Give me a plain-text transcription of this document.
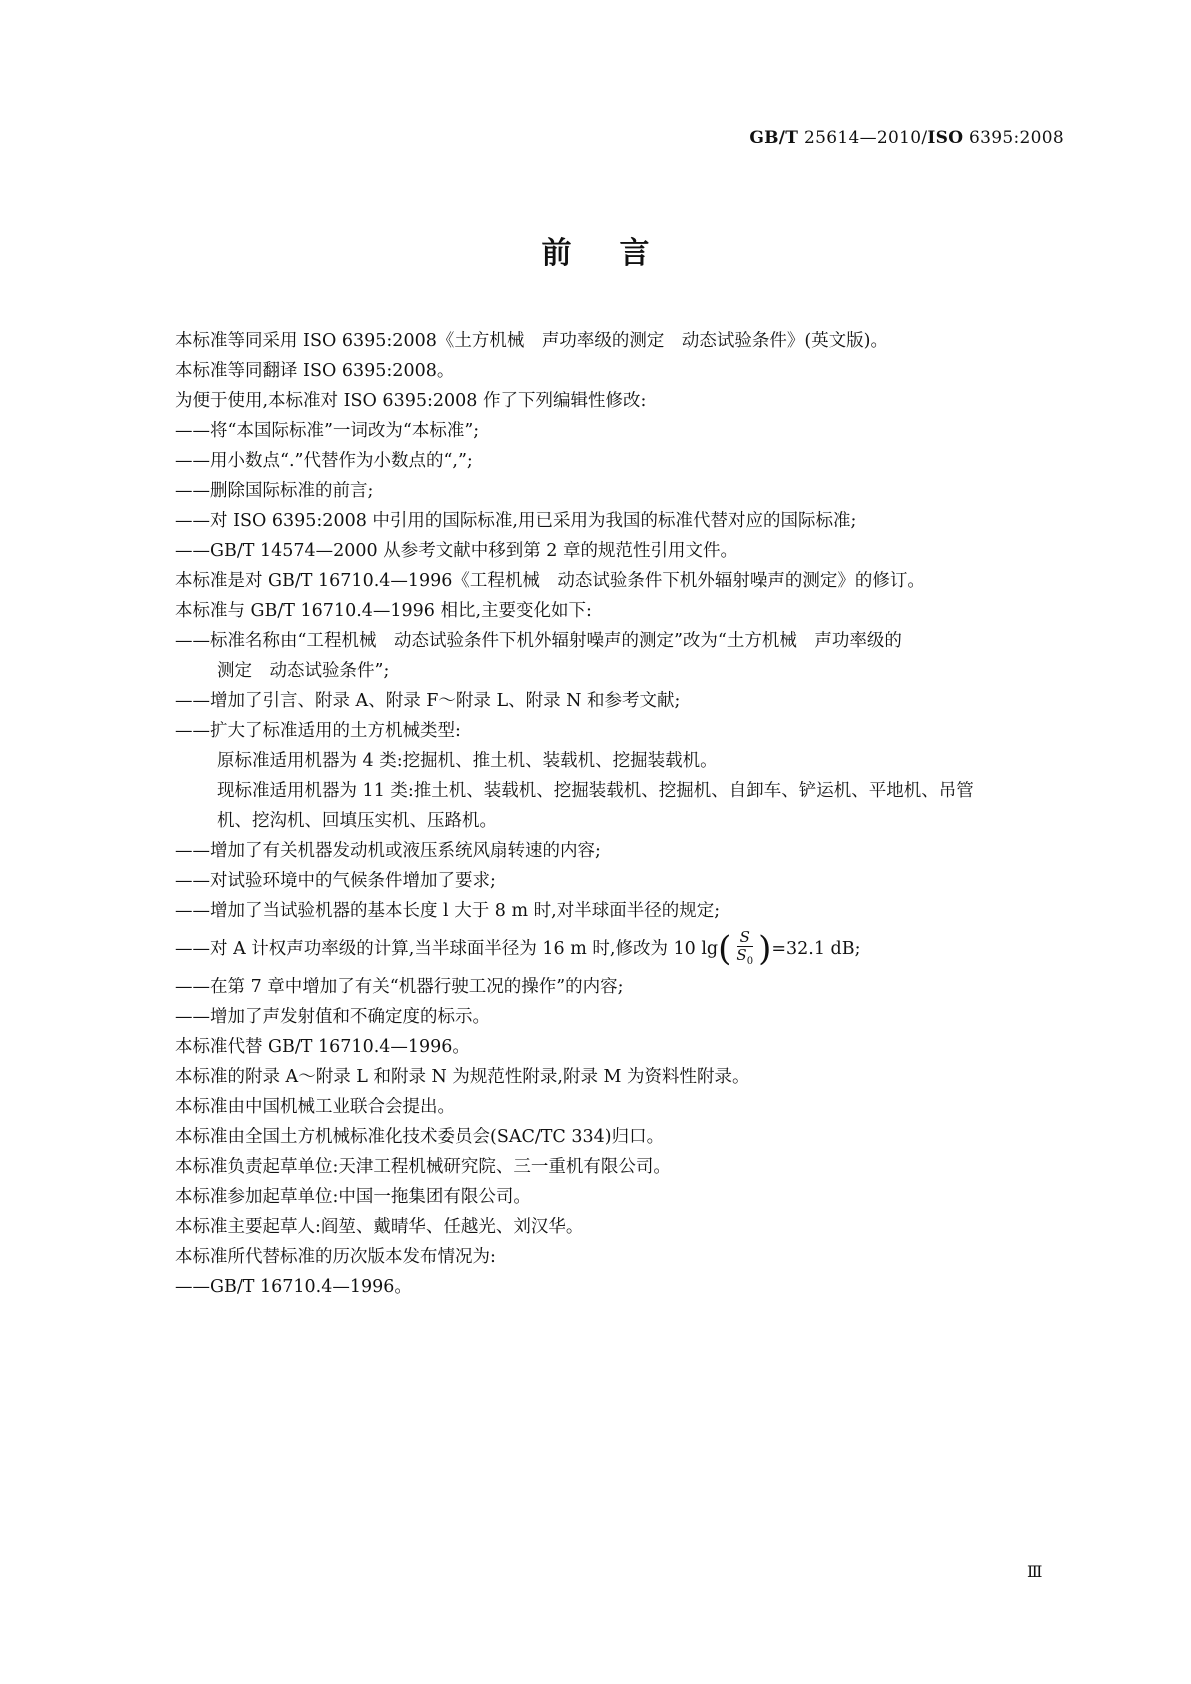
GB/T 25614—2010/ISO 6395:2008
前言
本标准等同采用 ISO 6395:2008《土方机械　声功率级的测定　动态试验条件》(英文版)。
本标准等同翻译 ISO 6395:2008。
为便于使用,本标准对 ISO 6395:2008 作了下列编辑性修改:
—— 将“本国际标准”一词改为“本标准”;
—— 用小数点“.”代替作为小数点的“,”;
—— 删除国际标准的前言;
—— 对 ISO 6395:2008 中引用的国际标准,用已采用为我国的标准代替对应的国际标准;
—— GB/T 14574—2000 从参考文献中移到第 2 章的规范性引用文件。
本标准是对 GB/T 16710.4—1996《工程机械　动态试验条件下机外辐射噪声的测定》的修订。
本标准与 GB/T 16710.4—1996 相比,主要变化如下:
—— 标准名称由“工程机械　动态试验条件下机外辐射噪声的测定”改为“土方机械　声功率级的
测定　动态试验条件”;
—— 增加了引言、附录 A、附录 F～附录 L、附录 N 和参考文献;
—— 扩大了标准适用的土方机械类型:
原标准适用机器为 4 类:挖掘机、推土机、装载机、挖掘装载机。
现标准适用机器为 11 类:推土机、装载机、挖掘装载机、挖掘机、自卸车、铲运机、平地机、吊管
机、挖沟机、回填压实机、压路机。
—— 增加了有关机器发动机或液压系统风扇转速的内容;
—— 对试验环境中的气候条件增加了要求;
—— 增加了当试验机器的基本长度 l 大于 8 m 时,对半球面半径的规定;
—— 对 A 计权声功率级的计算,当半球面半径为 16 m 时,修改为 10 lg ( $\frac{S}{S_0}$ ) =32.1 dB;
—— 在第 7 章中增加了有关“机器行驶工况的操作”的内容;
—— 增加了声发射值和不确定度的标示。
本标准代替 GB/T 16710.4—1996。
本标准的附录 A～附录 L 和附录 N 为规范性附录,附录 M 为资料性附录。
本标准由中国机械工业联合会提出。
本标准由全国土方机械标准化技术委员会(SAC/TC 334)归口。
本标准负责起草单位:天津工程机械研究院、三一重机有限公司。
本标准参加起草单位:中国一拖集团有限公司。
本标准主要起草人:阎堃、戴晴华、任越光、刘汉华。
本标准所代替标准的历次版本发布情况为:
—— GB/T 16710.4—1996。
Ⅲ
